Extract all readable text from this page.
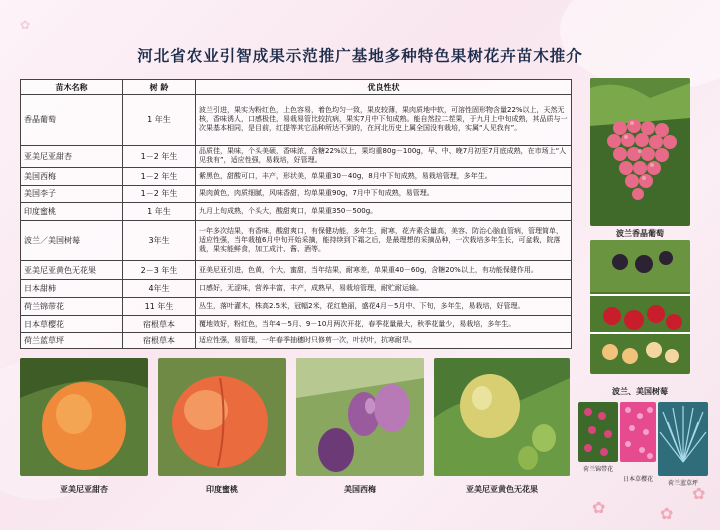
✿	✿
✿
✿
河北省农业引智成果示范推广基地多种特色果树花卉苗木推介
苗木名称	树 龄	优良性状
香晶葡萄	1 年生	波兰引进，果实为粉红色，上色容易，着色均匀一致，果皮较薄，果肉质地中软，可溶性固形物含量22%以上，天然无核，香味诱人，口感极佳，易栽易管比较抗病，果实7月中下旬成熟。能自然拉二茬果，于九月上中旬成熟，其品质与一次果基本相同，是目前，红提等其它品种所达不到的，在河北历史上属全国没有栽培，实属“人见我有”。
亚美尼亚甜杏	1－2 年生	品质佳，果味，个头美硕，香味浓，含糖22%以上，果均重80g－100g，早、中、晚7月初至7月底成熟，在市场上“人见我有”，适应性强，易栽培，好管理。
美国西梅	1－2 年生	紫黑色，甜酸可口，丰产，形状美，单果重30－40g，8月中下旬成熟，易栽培管理，多年生。
美国李子	1－2 年生	果肉黄色，肉质细腻，风味香甜，均单果重90g，7月中下旬成熟，易管理。
印度蜜桃	1 年生	九月上旬成熟，个头大，酸甜爽口，单果重350－500g。
波兰／美国树莓	3年生	一年多次结果，有香味，酸甜爽口，有保健功能，多年生，耐寒，花卉素含量高，美容、防治心脑血管病，管理简单，适应性强，当年栽植6月中旬开始采摘，能持续到下霜之后，是最理想的采摘品种，一次栽培多年生长，可盆栽，院落栽，果实能鲜食，加工成汁、酱、酒等。
亚美尼亚黄色无花果	2－3 年生	亚美尼亚引进，色黄，个大，蜜甜，当年结果，耐寒差，单果重40－60g，含糖20%以上，有功能保健作用。
日本甜柿	4年生	口感好，无涩味，营养丰富，丰产，成熟早，易栽培管理，耐贮耐运输。
荷兰锦带花	11 年生	丛生，落叶灌木，株高2.5米，冠幅2米，花红艳丽，盛花4月－5月中、下旬，多年生，易栽培，好管理。
日本草樱花	宿根草本	覆地效好，粉红色，当年4－5月、9－10月两次开花，春季花量最大，秋季花量少，易栽培，多年生。
荷兰蓝草坪	宿根草本	适应性强，易管理，一年春季抽穗时只修剪一次，叶状叶，抗寒耐旱。
波兰香晶葡萄
波兰、美国树莓
亚美尼亚甜杏	印度蜜桃	美国西梅	亚美尼亚黄色无花果
荷兰锦带花
日本草樱花
荷兰蓝草坪
